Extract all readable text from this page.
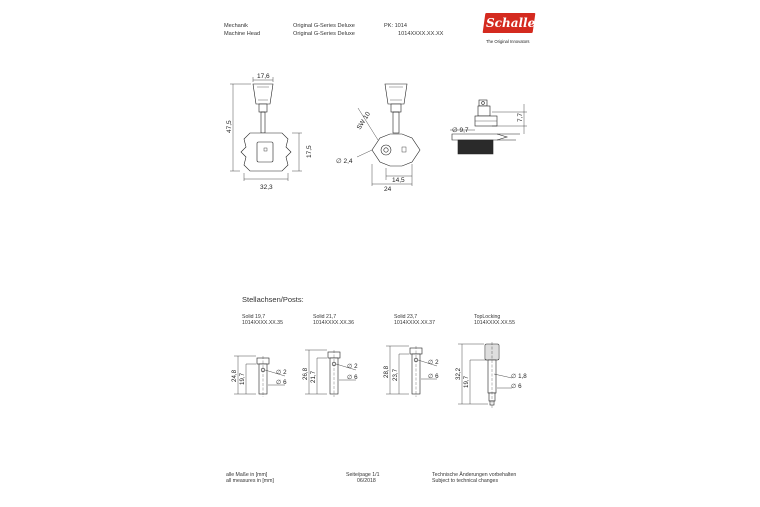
Mechanik
Machine Head
Original G-Series Deluxe
Original G-Series Deluxe
PK: 1014
1014XXXX.XX.XX
Schaller
The Original Innovators
17,6
47,5
17,5
32,3
SW 10
∅ 2,4
14,5
24
∅ 9,7
7,7
24,8 19,7
∅ 2
∅ 6
26,8 21,7
∅ 2
∅ 6	28,8 23,7
∅ 2
∅ 6	32,2
19,7	∅ 1,8
∅ 6
Stellachsen/Posts:
Solid 19,7
1014XXXX.XX.35
Solid 21,7
1014XXXX.XX.36
Solid 23,7
1014XXXX.XX.37
TopLocking
1014XXXX.XX.55
alle Maße in [mm]
all measures in [mm]
Seite/page 1/1
06/2018
Technische Änderungen vorbehalten
Subject to technical changes
